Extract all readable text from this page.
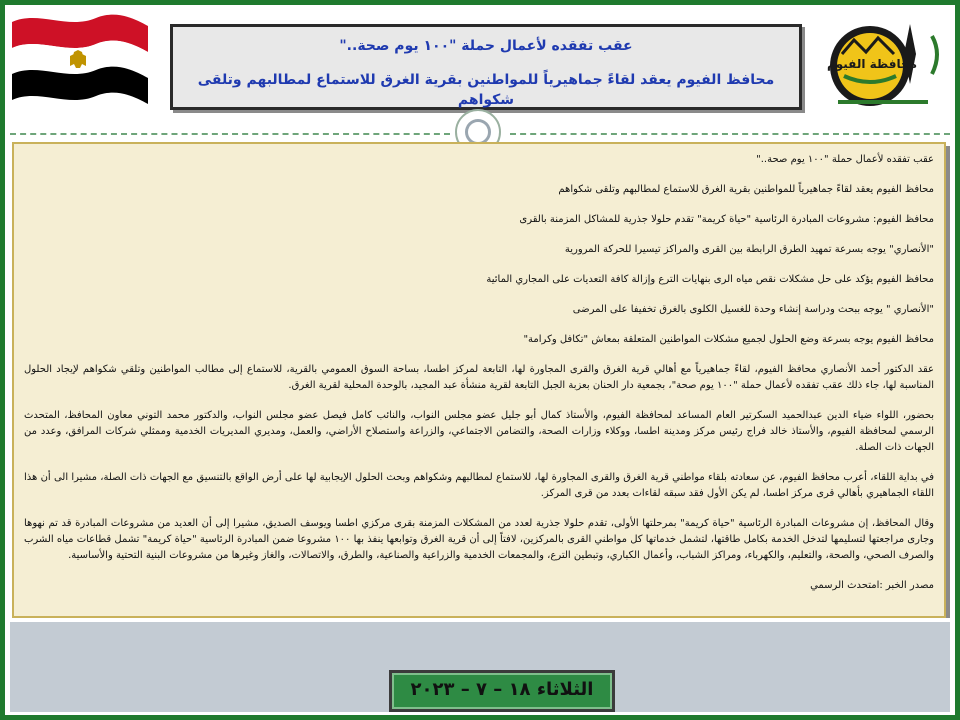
محافظة الفيوم
عقب تفقده لأعمال حملة "١٠٠ يوم صحة.."
محافظ الفيوم يعقد لقاءً جماهيرياً للمواطنين بقرية الغرق للاستماع لمطالبهم وتلقى شكواهم

عقب تفقده لأعمال حملة "١٠٠ يوم صحة.."

محافظ الفيوم يعقد لقاءً جماهيرياً للمواطنين بقرية الغرق للاستماع لمطالبهم وتلقى شكواهم

محافظ الفيوم: مشروعات المبادرة الرئاسية "حياة كريمة" تقدم حلولا جذرية للمشاكل المزمنة بالقرى

"الأنصاري" يوجه بسرعة تمهيد الطرق الرابطة بين القرى والمراكز تيسيرا للحركة المرورية

محافظ الفيوم يؤكد على حل مشكلات نقص مياه الرى بنهايات الترع وإزالة كافة التعديات على المجاري المائية

"الأنصاري " يوجه ببحث ودراسة إنشاء وحدة للغسيل الكلوى بالغرق تخفيفا على المرضى

محافظ الفيوم يوجه بسرعة وضع الحلول لجميع مشكلات المواطنين المتعلقة بمعاش "تكافل وكرامة"

عقد الدكتور أحمد الأنصاري محافظ الفيوم، لقاءً جماهيرياً مع أهالي قرية الغرق والقرى المجاورة لها، التابعة لمركز اطسا، بساحة السوق العمومي بالقرية، للاستماع إلى مطالب المواطنين وتلقي شكواهم لإيجاد الحلول المناسبة لها، جاء ذلك عقب تفقده لأعمال حملة "١٠٠ يوم صحة"، بجمعية دار الحنان بعزبة الجبل التابعة لقرية منشأة عبد المجيد، بالوحدة المحلية لقرية الغرق.

بحضور، اللواء ضياء الدين عبدالحميد السكرتير العام المساعد لمحافظة الفيوم، والأستاذ كمال أبو جليل عضو مجلس النواب، والنائب كامل فيصل عضو مجلس النواب، والدكتور محمد التوني معاون المحافظ، المتحدث الرسمي لمحافظة الفيوم، والأستاذ خالد فراج رئيس مركز ومدينة اطسا، ووكلاء وزارات الصحة، والتضامن الاجتماعي، والزراعة واستصلاح الأراضي، والعمل، ومديري المديريات الخدمية وممثلي شركات المرافق، وعدد من الجهات ذات الصلة.

في بداية اللقاء، أعرب محافظ الفيوم، عن سعادته بلقاء مواطني قرية الغرق والقرى المجاورة لها، للاستماع لمطالبهم وشكواهم وبحث الحلول الإيجابية لها على أرض الواقع بالتنسيق مع الجهات ذات الصلة، مشيرا الى أن هذا اللقاء الجماهيري بأهالي قرى مركز اطسا، لم يكن الأول فقد سبقه لقاءات بعدد من قرى المركز.

وقال المحافظ، إن مشروعات المبادرة الرئاسية "حياة كريمة" بمرحلتها الأولى، تقدم حلولا جذرية لعدد من المشكلات المزمنة بقرى مركزي اطسا ويوسف الصديق، مشيرا إلى أن العديد من مشروعات المبادرة قد تم نهوها وجارى مراجعتها لتسليمها لتدخل الخدمة بكامل طاقتها، لتشمل خدماتها كل مواطني القرى بالمركزين، لافتاً إلى أن قرية الغرق وتوابعها ينفذ بها ١٠٠ مشروعا ضمن المبادرة الرئاسية "حياة كريمة" تشمل قطاعات مياه الشرب والصرف الصحي، والصحة، والتعليم، والكهرباء، ومراكز الشباب، وأعمال الكباري، وتبطين الترع، والمجمعات الخدمية والزراعية والصناعية، والطرق، والاتصالات، والغاز وغيرها من مشروعات البنية التحتية والأساسية.

مصدر الخبر :امتحدث الرسمي

الثلاثاء ١٨ – ٧ – ٢٠٢٣
